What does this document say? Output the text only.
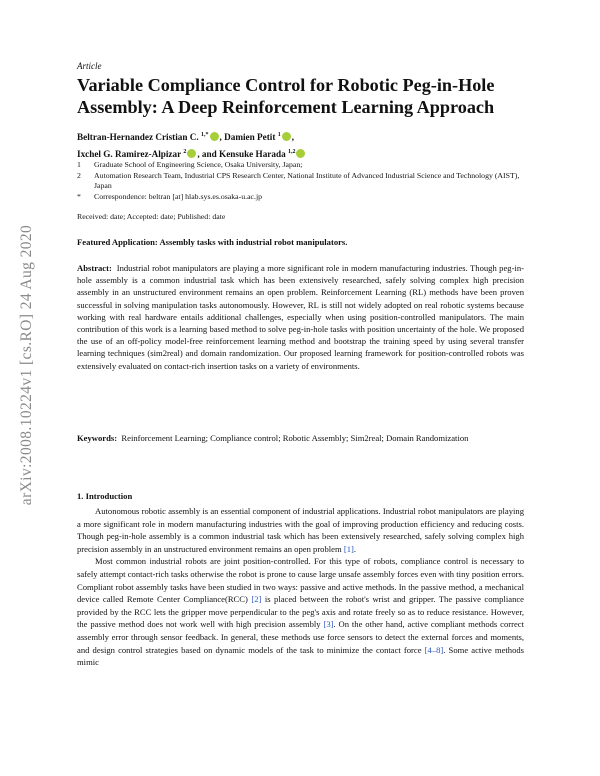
arXiv:2008.10224v1 [cs.RO] 24 Aug 2020
Article
Variable Compliance Control for Robotic Peg-in-Hole Assembly: A Deep Reinforcement Learning Approach
Beltran-Hernandez Cristian C. $^{1,*}$ , Damien Petit $^1$ ,
Ixchel G. Ramirez-Alpizar $^2$ , and Kensuke Harada $^{1,2}$
1	Graduate School of Engineering Science, Osaka University, Japan;
2	Automation Research Team, Industrial CPS Research Center, National Institute of Advanced Industrial Science and Technology (AIST), Japan
*	Correspondence: beltran [at] hlab.sys.es.osaka-u.ac.jp
Received: date; Accepted: date; Published: date
Featured Application: Assembly tasks with industrial robot manipulators.

Abstract: Industrial robot manipulators are playing a more significant role in modern manufacturing industries. Though peg-in-hole assembly is a common industrial task which has been extensively researched, safely solving complex high precision assembly in an unstructured environment remains an open problem. Reinforcement Learning (RL) methods have been proven successful in solving manipulation tasks autonomously. However, RL is still not widely adopted on real robotic systems because working with real hardware entails additional challenges, especially when using position-controlled manipulators. The main contribution of this work is a learning based method to solve peg-in-hole tasks with position uncertainty of the hole. We proposed the use of an off-policy model-free reinforcement learning method and bootstrap the training speed by using several transfer learning techniques (sim2real) and domain randomization. Our proposed learning framework for position-controlled robots was extensively evaluated on contact-rich insertion tasks on a variety of environments.

Keywords: Reinforcement Learning; Compliance control; Robotic Assembly; Sim2real; Domain Randomization

1. Introduction

Autonomous robotic assembly is an essential component of industrial applications. Industrial robot manipulators are playing a more significant role in modern manufacturing industries with the goal of improving production efficiency and reducing costs. Though peg-in-hole assembly is a common industrial task which has been extensively researched, safely solving complex high precision assembly in an unstructured environment remains an open problem [1].

Most common industrial robots are joint position-controlled. For this type of robots, compliance control is necessary to safely attempt contact-rich tasks otherwise the robot is prone to cause large unsafe assembly forces even with tiny position errors. Compliant robot assembly tasks have been studied in two ways: passive and active methods. In the passive method, a mechanical device called Remote Center Compliance(RCC) [2] is placed between the robot's wrist and gripper. The passive compliance provided by the RCC lets the gripper move perpendicular to the peg's axis and rotate freely so as to reduce resistance. However, the passive method does not work well with high precision assembly [3]. On the other hand, active compliant methods correct assembly error through sensor feedback. In general, these methods use force sensors to detect the external forces and moments, and design control strategies based on dynamic models of the task to minimize the contact force [4–8]. Some active methods mimic
